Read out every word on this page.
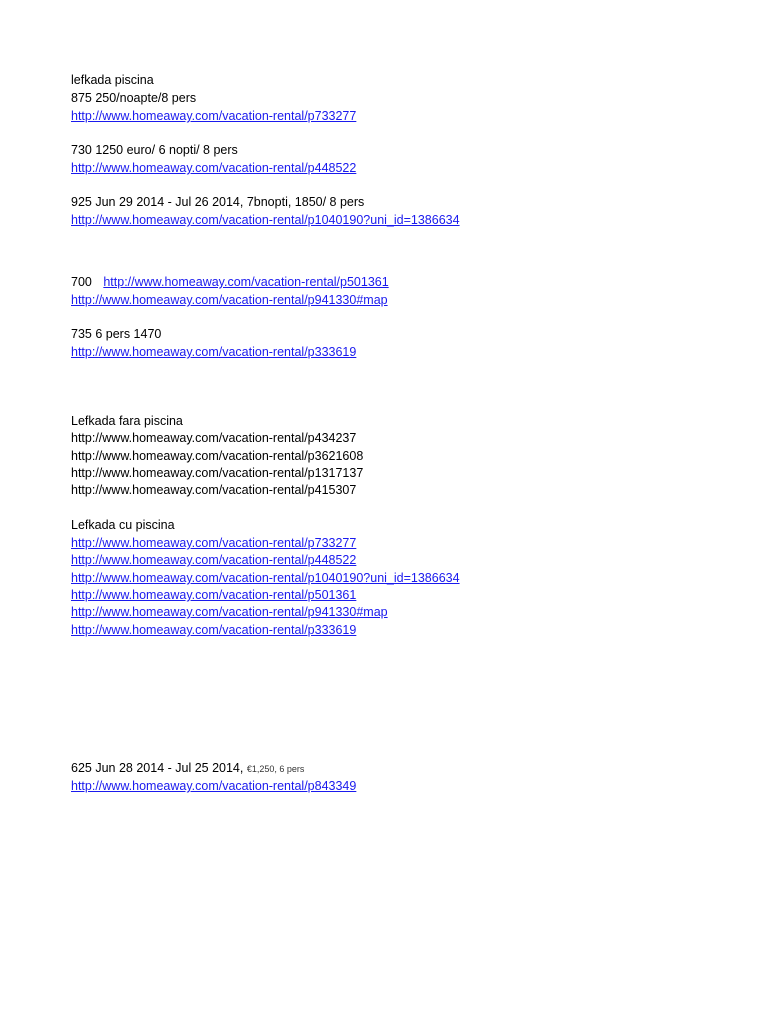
lefkada piscina
875 250/noapte/8 pers
http://www.homeaway.com/vacation-rental/p733277
730 1250 euro/ 6 nopti/ 8 pers
http://www.homeaway.com/vacation-rental/p448522
925 Jun 29 2014 - Jul 26 2014, 7bnopti, 1850/ 8 pers
http://www.homeaway.com/vacation-rental/p1040190?uni_id=1386634
700 http://www.homeaway.com/vacation-rental/p501361
http://www.homeaway.com/vacation-rental/p941330#map
735 6 pers 1470
http://www.homeaway.com/vacation-rental/p333619
Lefkada fara piscina
http://www.homeaway.com/vacation-rental/p434237
http://www.homeaway.com/vacation-rental/p3621608
http://www.homeaway.com/vacation-rental/p1317137
http://www.homeaway.com/vacation-rental/p415307
Lefkada cu piscina
http://www.homeaway.com/vacation-rental/p733277
http://www.homeaway.com/vacation-rental/p448522
http://www.homeaway.com/vacation-rental/p1040190?uni_id=1386634
http://www.homeaway.com/vacation-rental/p501361
http://www.homeaway.com/vacation-rental/p941330#map
http://www.homeaway.com/vacation-rental/p333619
625 Jun 28 2014 - Jul 25 2014, €1,250, 6 pers
http://www.homeaway.com/vacation-rental/p843349
